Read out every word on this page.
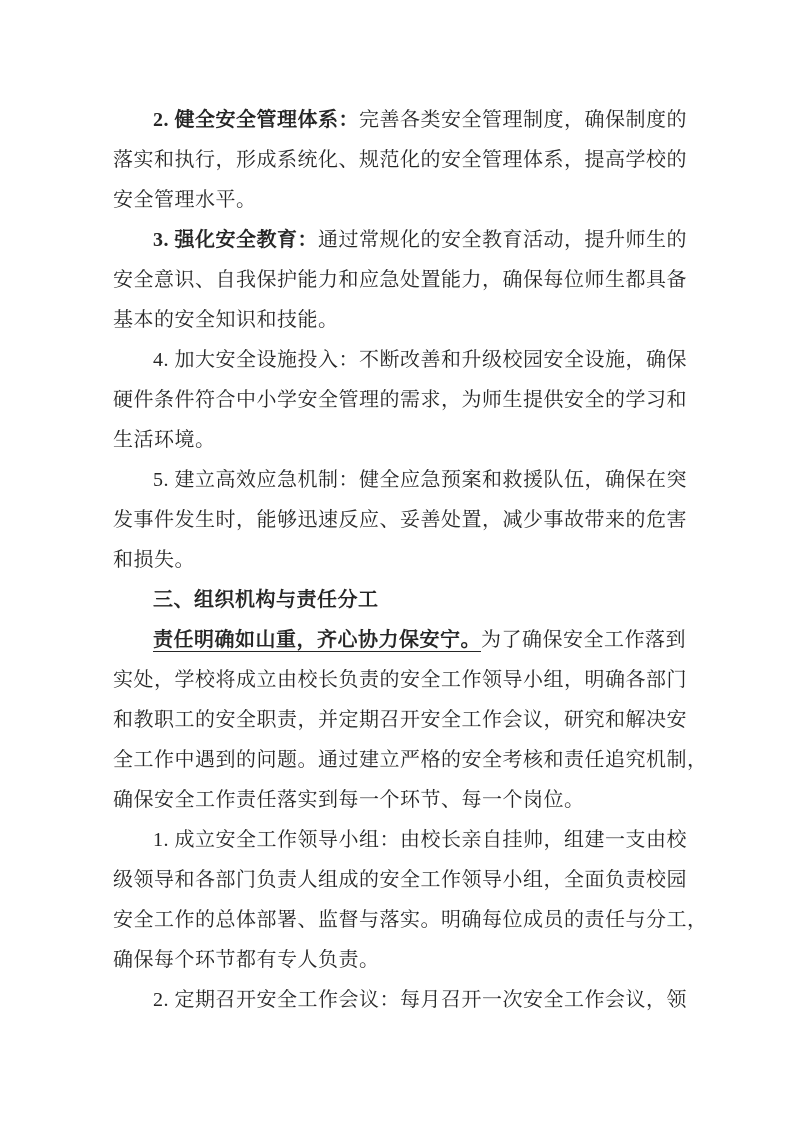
2. 健全安全管理体系：完善各类安全管理制度，确保制度的
落实和执行，形成系统化、规范化的安全管理体系，提高学校的
安全管理水平。
3. 强化安全教育：通过常规化的安全教育活动，提升师生的
安全意识、自我保护能力和应急处置能力，确保每位师生都具备
基本的安全知识和技能。
4. 加大安全设施投入：不断改善和升级校园安全设施，确保
硬件条件符合中小学安全管理的需求，为师生提供安全的学习和
生活环境。
5. 建立高效应急机制：健全应急预案和救援队伍，确保在突
发事件发生时，能够迅速反应、妥善处置，减少事故带来的危害
和损失。
三、组织机构与责任分工
责任明确如山重，齐心协力保安宁。为了确保安全工作落到
实处，学校将成立由校长负责的安全工作领导小组，明确各部门
和教职工的安全职责，并定期召开安全工作会议，研究和解决安
全工作中遇到的问题。通过建立严格的安全考核和责任追究机制，
确保安全工作责任落实到每一个环节、每一个岗位。
1. 成立安全工作领导小组：由校长亲自挂帅，组建一支由校
级领导和各部门负责人组成的安全工作领导小组，全面负责校园
安全工作的总体部署、监督与落实。明确每位成员的责任与分工，
确保每个环节都有专人负责。
2. 定期召开安全工作会议：每月召开一次安全工作会议，领
